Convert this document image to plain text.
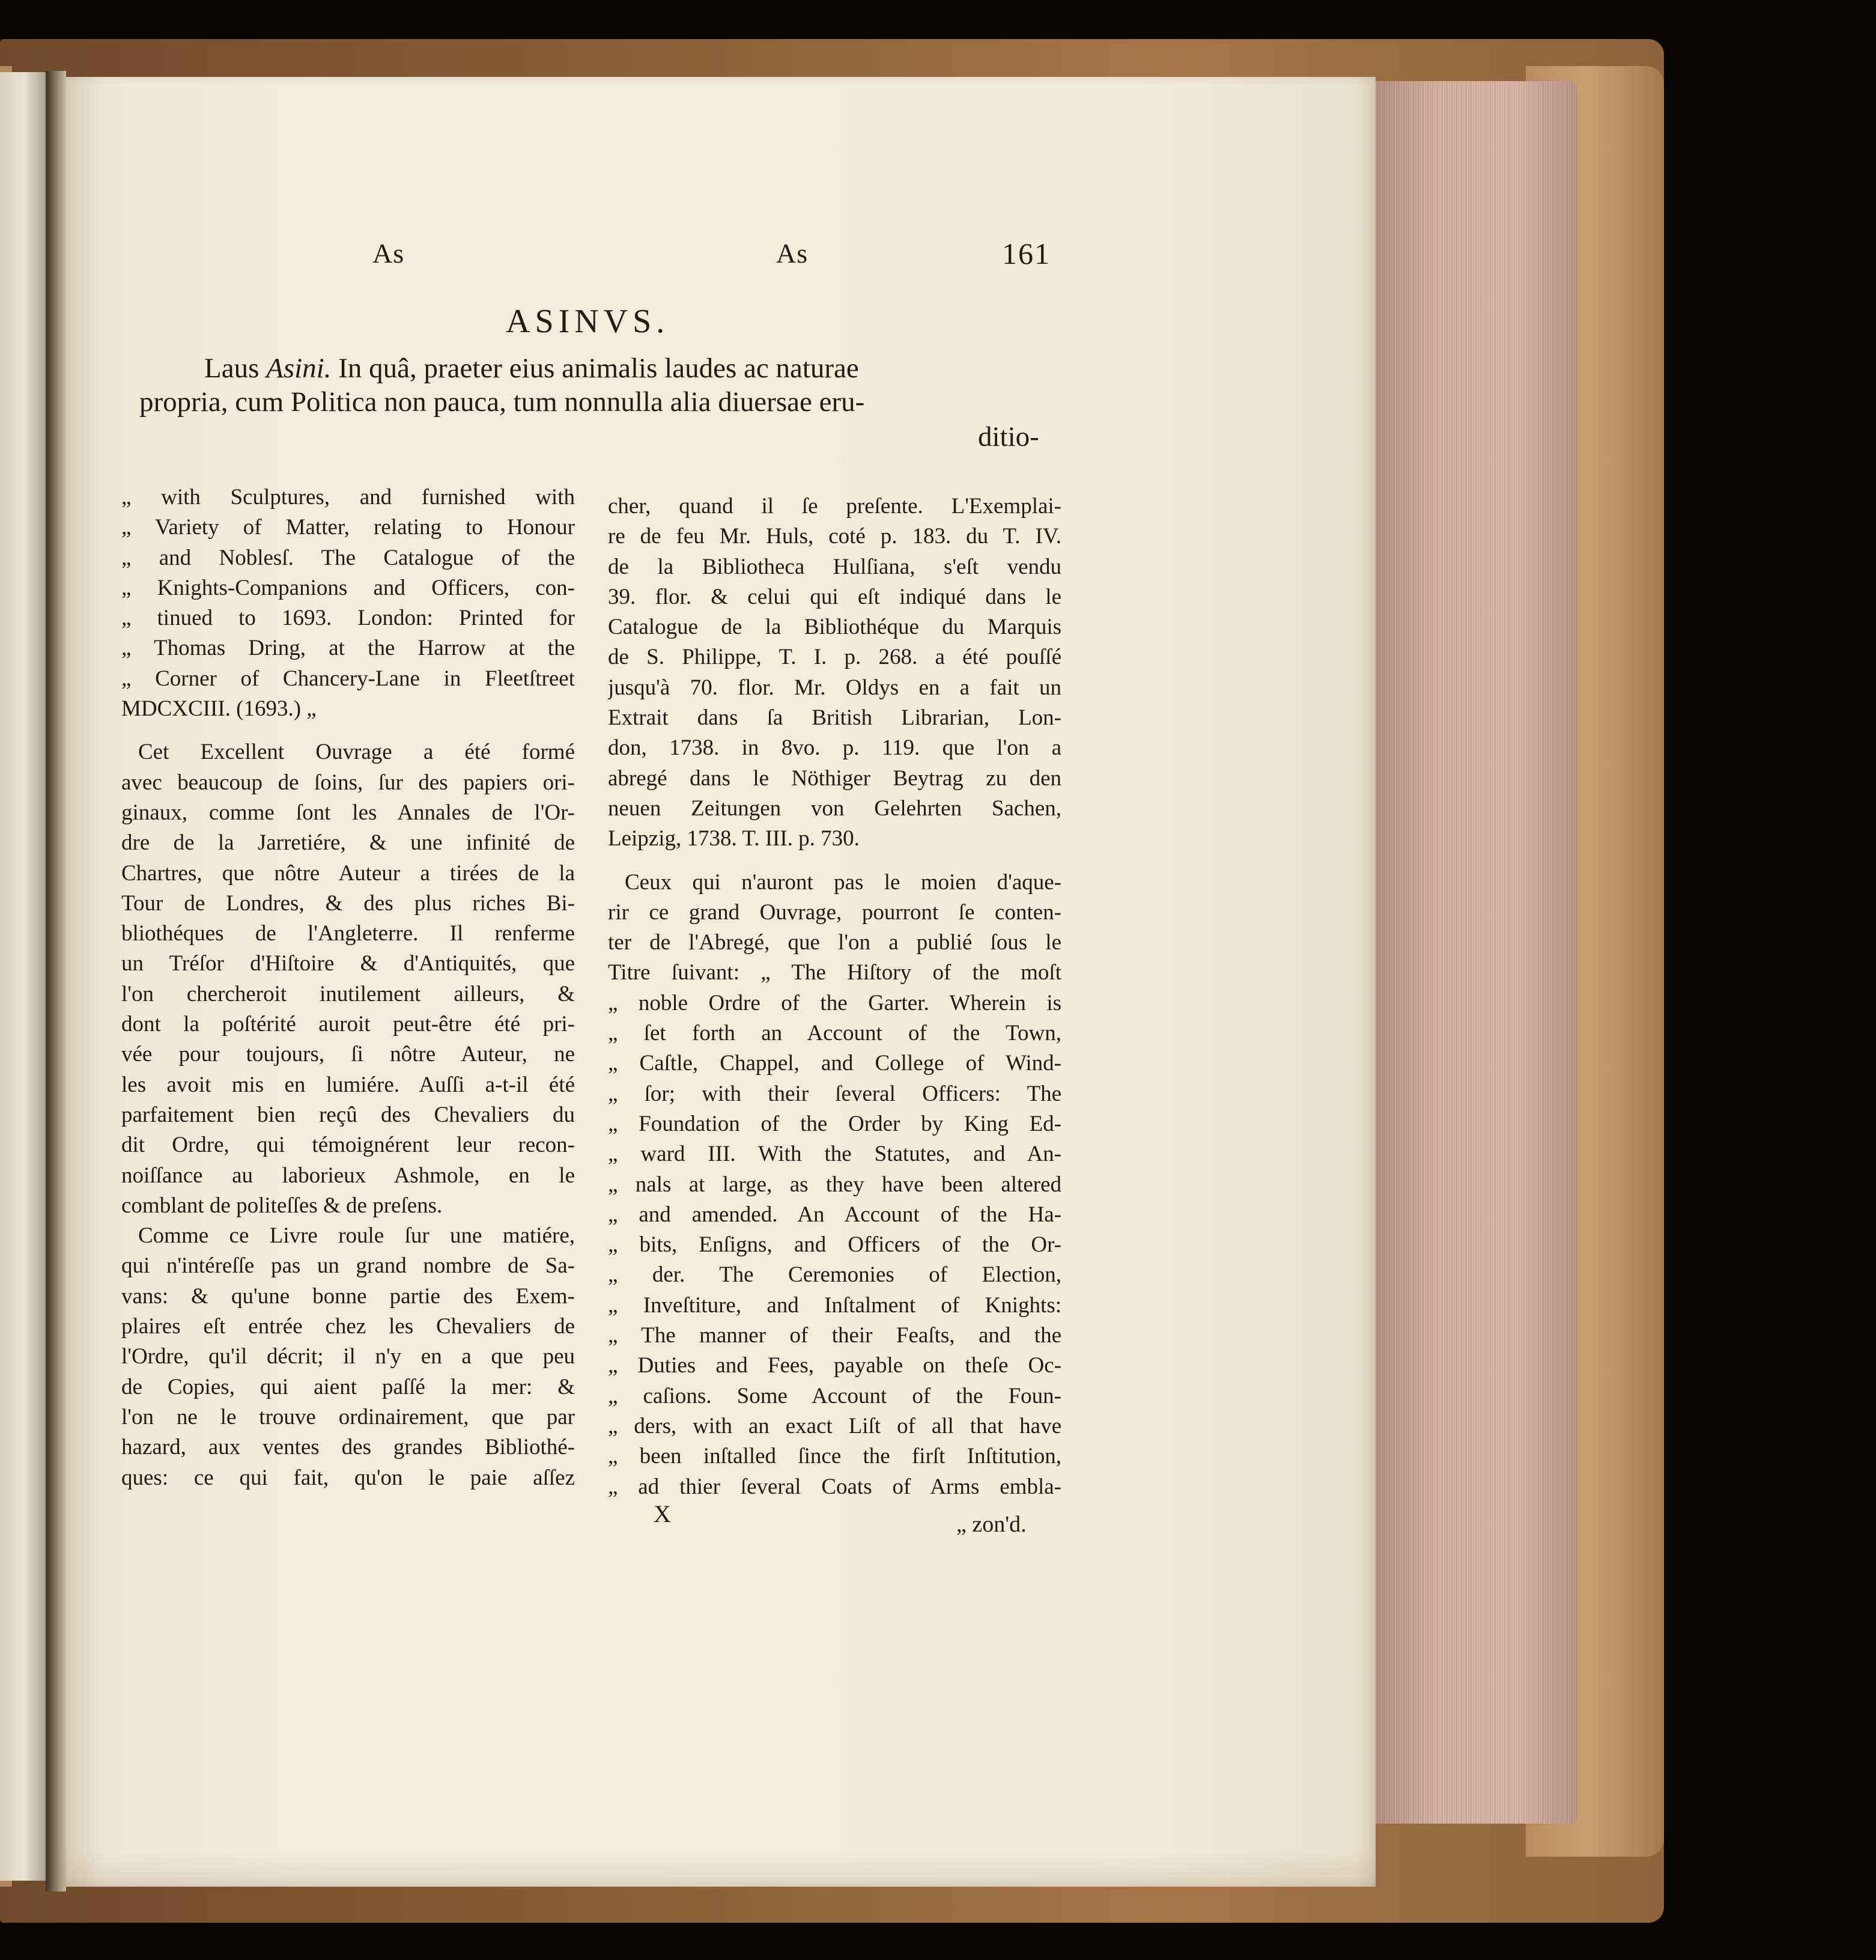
As	As	161
ASINVS.
Laus Asini. In quâ, praeter eius animalis laudes ac naturae
propria, cum Politica non pauca, tum nonnulla alia diuersae eru-
ditio-
„ with Sculptures, and furnished with
„ Variety of Matter, relating to Honour
„ and Noblesſ. The Catalogue of the
„ Knights-Companions and Officers, con-
„ tinued to 1693. London: Printed for
„ Thomas Dring, at the Harrow at the
„ Corner of Chancery-Lane in Fleetſtreet
MDCXCIII. (1693.) „
Cet Excellent Ouvrage a été formé
avec beaucoup de ſoins, ſur des papiers ori-
ginaux, comme ſont les Annales de l'Or-
dre de la Jarretiére, & une infinité de
Chartres, que nôtre Auteur a tirées de la
Tour de Londres, & des plus riches Bi-
bliothéques de l'Angleterre. Il renferme
un Tréſor d'Hiſtoire & d'Antiquités, que
l'on chercheroit inutilement ailleurs, &
dont la poſtérité auroit peut-être été pri-
vée pour toujours, ſi nôtre Auteur, ne
les avoit mis en lumiére. Auſſi a-t-il été
parfaitement bien reçû des Chevaliers du
dit Ordre, qui témoignérent leur recon-
noiſſance au laborieux Ashmole, en le
comblant de politeſſes & de preſens.
Comme ce Livre roule ſur une matiére,
qui n'intéreſſe pas un grand nombre de Sa-
vans: & qu'une bonne partie des Exem-
plaires eſt entrée chez les Chevaliers de
l'Ordre, qu'il décrit; il n'y en a que peu
de Copies, qui aient paſſé la mer: &
l'on ne le trouve ordinairement, que par
hazard, aux ventes des grandes Bibliothé-
ques: ce qui fait, qu'on le paie aſſez
cher, quand il ſe preſente. L'Exemplai-
re de feu Mr. Huls, coté p. 183. du T. IV.
de la Bibliotheca Hulſiana, s'eſt vendu
39. flor. & celui qui eſt indiqué dans le
Catalogue de la Bibliothéque du Marquis
de S. Philippe, T. I. p. 268. a été pouſſé
jusqu'à 70. flor. Mr. Oldys en a fait un
Extrait dans ſa British Librarian, Lon-
don, 1738. in 8vo. p. 119. que l'on a
abregé dans le Nöthiger Beytrag zu den
neuen Zeitungen von Gelehrten Sachen,
Leipzig, 1738. T. III. p. 730.
Ceux qui n'auront pas le moien d'aque-
rir ce grand Ouvrage, pourront ſe conten-
ter de l'Abregé, que l'on a publié ſous le
Titre ſuivant: „ The Hiſtory of the moſt
„ noble Ordre of the Garter. Wherein is
„ ſet forth an Account of the Town,
„ Caſtle, Chappel, and College of Wind-
„ ſor; with their ſeveral Officers: The
„ Foundation of the Order by King Ed-
„ ward III. With the Statutes, and An-
„ nals at large, as they have been altered
„ and amended. An Account of the Ha-
„ bits, Enſigns, and Officers of the Or-
„ der. The Ceremonies of Election,
„ Inveſtiture, and Inſtalment of Knights:
„ The manner of their Feaſts, and the
„ Duties and Fees, payable on theſe Oc-
„ caſions. Some Account of the Foun-
„ ders, with an exact Liſt of all that have
„ been inſtalled ſince the firſt Inſtitution,
„ ad thier ſeveral Coats of Arms embla-
X	„ zon'd.
